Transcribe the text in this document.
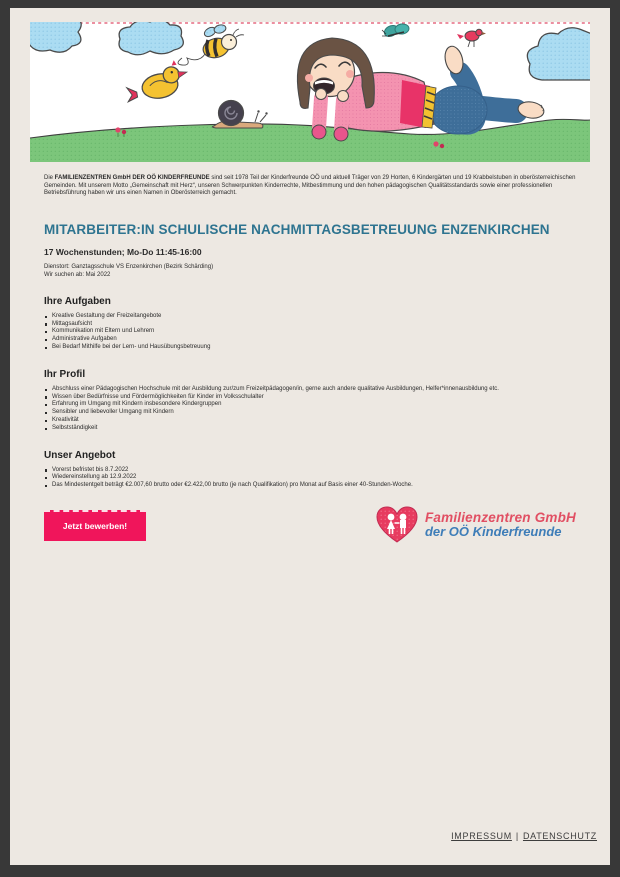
Die FAMILIENZENTREN GmbH DER OÖ KINDERFREUNDE sind seit 1978 Teil der Kinderfreunde OÖ und aktuell Träger von 29 Horten, 6 Kindergärten und 19 Krabbelstuben in oberösterreichischen Gemeinden. Mit unserem Motto „Gemeinschaft mit Herz“, unseren Schwerpunkten Kinderrechte, Mitbestimmung und den hohen pädagogischen Qualitätsstandards sowie einer professionellen Betriebsführung haben wir uns einen Namen in Oberösterreich gemacht.

MITARBEITER:IN SCHULISCHE NACHMITTAGSBETREUUNG ENZENKIRCHEN

17 Wochenstunden; Mo-Do 11:45-16:00

Dienstort: Ganztagsschule VS Enzenkirchen (Bezirk Schärding)

Wir suchen ab: Mai 2022

Ihre Aufgaben
Kreative Gestaltung der Freizeitangebote
Mittagsaufsicht
Kommunikation mit Eltern und Lehrern
Administrative Aufgaben
Bei Bedarf Mithilfe bei der Lern- und Hausübungsbetreuung
Ihr Profil
Abschluss einer Pädagogischen Hochschule mit der Ausbildung zur/zum Freizeitpädagogen/in, gerne auch andere qualitative Ausbildungen, Helfer*innenausbildung etc.
Wissen über Bedürfnisse und Fördermöglichkeiten für Kinder im Volksschulalter
Erfahrung im Umgang mit Kindern insbesondere Kindergruppen
Sensibler und liebevoller Umgang mit Kindern
Kreativität
Selbstständigkeit
Unser Angebot
Vorerst befristet bis 8.7.2022
Wiedereinstellung ab 12.9.2022
Das Mindestentgelt beträgt €2.007,60 brutto oder €2.422,00 brutto (je nach Qualifikation) pro Monat auf Basis einer 40-Stunden-Woche.
Jetzt bewerben!
Familienzentren GmbH
der OÖ Kinderfreunde
IMPRESSUM | DATENSCHUTZ
